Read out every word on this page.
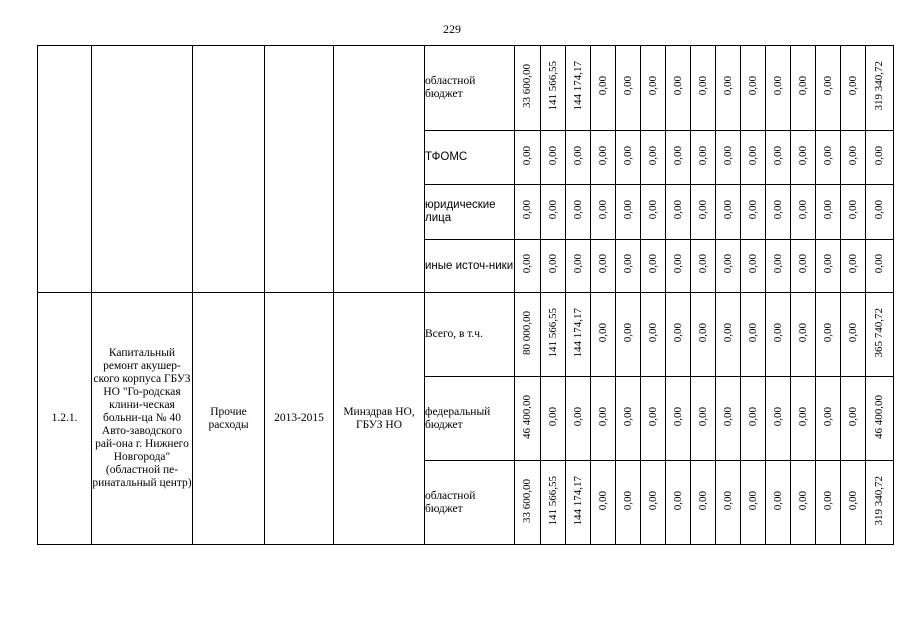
229
					областной бюджет	33 600,00	141 566,55	144 174,17	0,00	0,00	0,00	0,00	0,00	0,00	0,00	0,00	0,00	0,00	0,00	319 340,72
					ТФОМС	0,00	0,00	0,00	0,00	0,00	0,00	0,00	0,00	0,00	0,00	0,00	0,00	0,00	0,00	0,00
					юридические лица	0,00	0,00	0,00	0,00	0,00	0,00	0,00	0,00	0,00	0,00	0,00	0,00	0,00	0,00	0,00
					иные источ-ники	0,00	0,00	0,00	0,00	0,00	0,00	0,00	0,00	0,00	0,00	0,00	0,00	0,00	0,00	0,00
1.2.1.	Капитальный ремонт акушер-ского корпуса ГБУЗ НО "Го-родская клини-ческая больни-ца № 40 Авто-заводского рай-она г. Нижнего Новгорода" (областной пе-ринатальный центр)	Прочие расходы	2013-2015	Минздрав НО, ГБУЗ НО	Всего, в т.ч.	80 000,00	141 566,55	144 174,17	0,00	0,00	0,00	0,00	0,00	0,00	0,00	0,00	0,00	0,00	0,00	365 740,72
					федеральный бюджет	46 400,00	0,00	0,00	0,00	0,00	0,00	0,00	0,00	0,00	0,00	0,00	0,00	0,00	0,00	46 400,00
					областной бюджет	33 600,00	141 566,55	144 174,17	0,00	0,00	0,00	0,00	0,00	0,00	0,00	0,00	0,00	0,00	0,00	319 340,72
